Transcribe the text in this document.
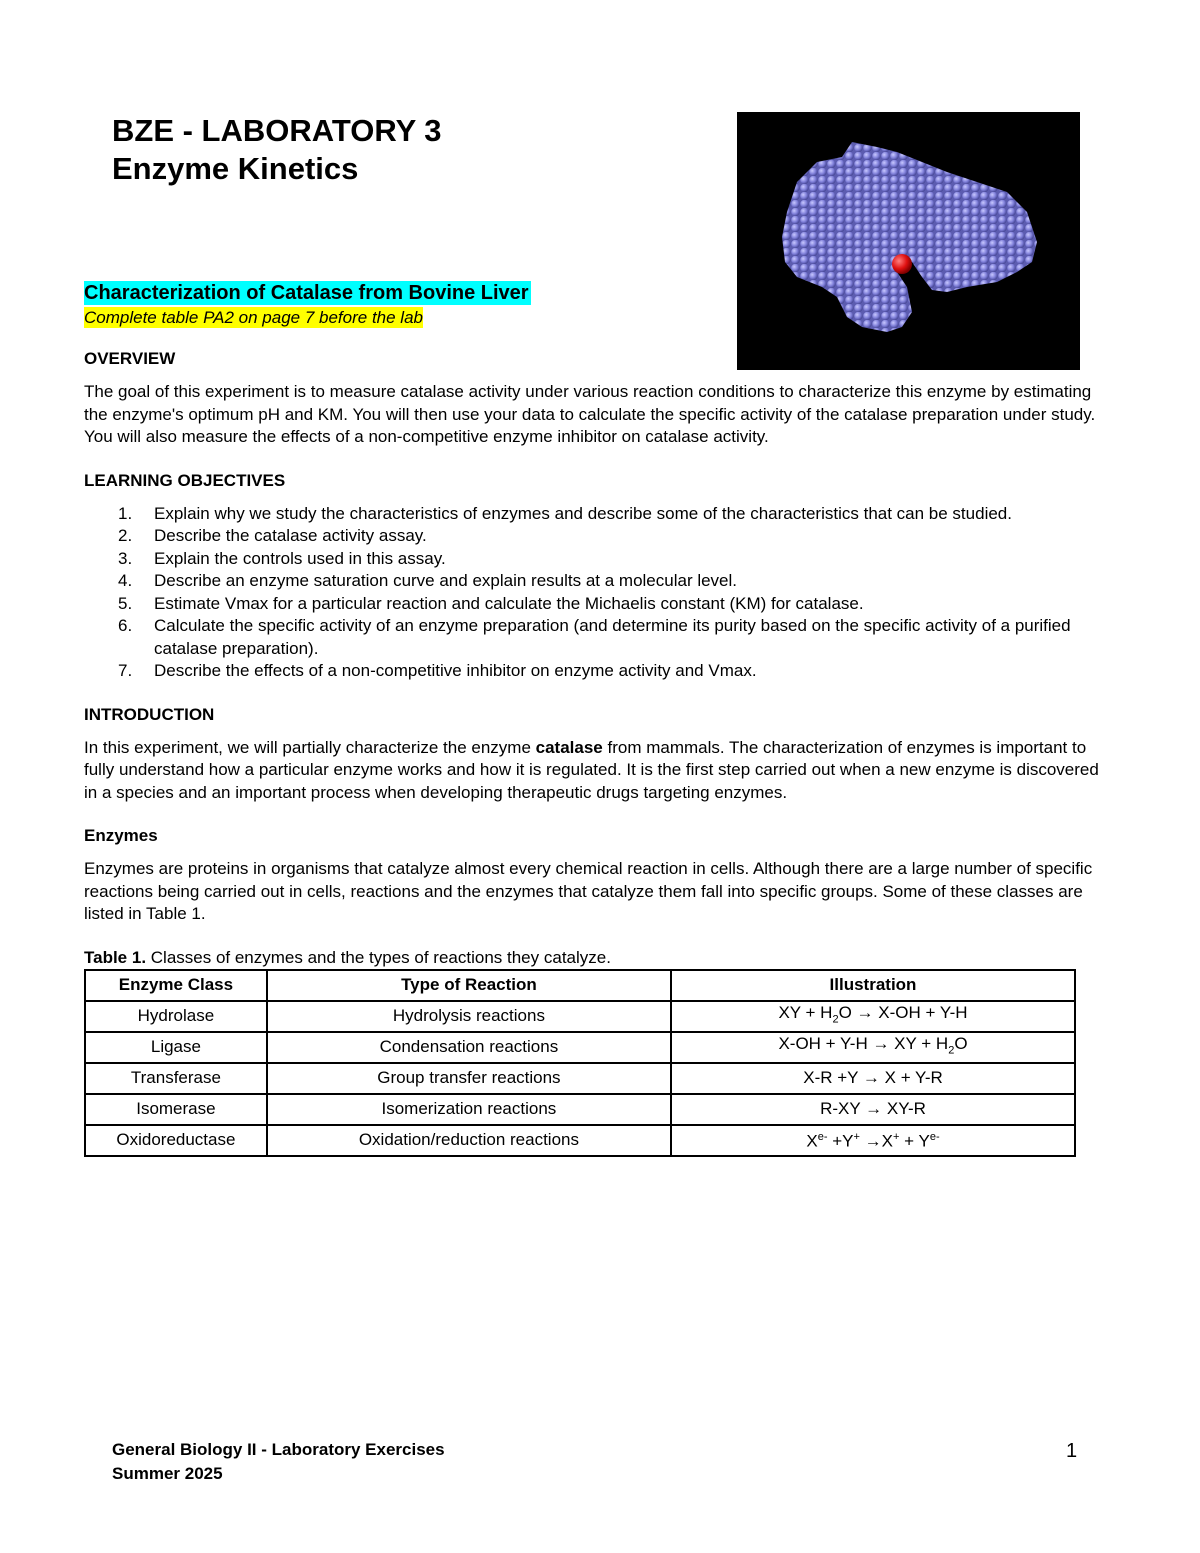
BZE - LABORATORY 3
Enzyme Kinetics
Characterization of Catalase from Bovine Liver
Complete table PA2 on page 7 before the lab
OVERVIEW

The goal of this experiment is to measure catalase activity under various reaction conditions to characterize this enzyme by estimating the enzyme's optimum pH and KM. You will then use your data to calculate the specific activity of the catalase preparation under study. You will also measure the effects of a non-competitive enzyme inhibitor on catalase activity.

LEARNING OBJECTIVES
1. Explain why we study the characteristics of enzymes and describe some of the characteristics that can be studied.
2. Describe the catalase activity assay.
3. Explain the controls used in this assay.
4. Describe an enzyme saturation curve and explain results at a molecular level.
5. Estimate Vmax for a particular reaction and calculate the Michaelis constant (KM) for catalase.
6. Calculate the specific activity of an enzyme preparation (and determine its purity based on the specific activity of a purified catalase preparation).
7. Describe the effects of a non-competitive inhibitor on enzyme activity and Vmax.
INTRODUCTION

In this experiment, we will partially characterize the enzyme catalase from mammals. The characterization of enzymes is important to fully understand how a particular enzyme works and how it is regulated. It is the first step carried out when a new enzyme is discovered in a species and an important process when developing therapeutic drugs targeting enzymes.

Enzymes

Enzymes are proteins in organisms that catalyze almost every chemical reaction in cells. Although there are a large number of specific reactions being carried out in cells, reactions and the enzymes that catalyze them fall into specific groups. Some of these classes are listed in Table 1.

Table 1. Classes of enzymes and the types of reactions they catalyze.
Enzyme Class	Type of Reaction	Illustration
Hydrolase	Hydrolysis reactions	XY + $H_2O \to X-OH + Y-H$
Ligase	Condensation reactions	X-OH + Y-H → XY + $H_2O$
Transferase	Group transfer reactions	X-R +Y → X + Y-R
Isomerase	Isomerization reactions	R-XY → XY-R
Oxidoreductase	Oxidation/reduction reactions	$X^{e-} +Y^+ \to X^+ + Y^{e-}$
General Biology II - Laboratory Exercises
Summer 2025
1
